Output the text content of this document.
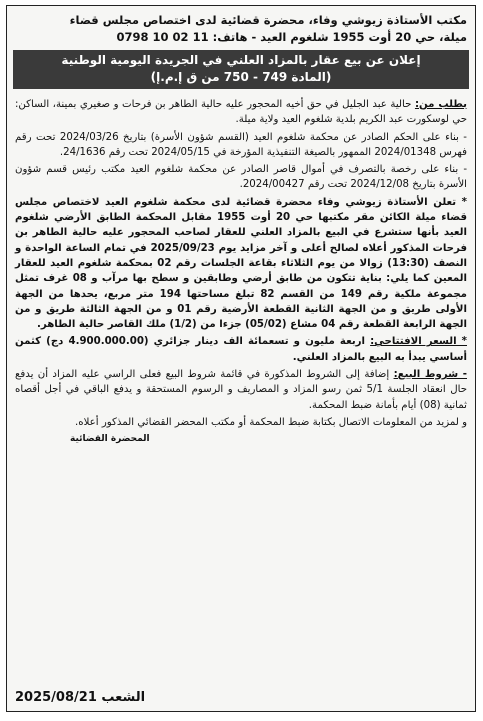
مكتب الأستاذة زيوشي وفاء، محضرة قضائية لدى اختصاص مجلس قضاء
ميلة، حي 20 أوت 1955 شلغوم العيد - هاتف: 11 02 10 0798
إعلان عن بيع عقار بالمزاد العلني في الجريدة اليومية الوطنية
(المادة 749 - 750 من ق إ.م.إ)

بطلب من: حالية عبد الجليل في حق أخيه المحجور عليه حالية الطاهر بن فرحات و صغيري بمينة، الساكن: حي لوسكورت عبد الكريم بلدية شلغوم العيد ولاية ميلة.

- بناء على الحكم الصادر عن محكمة شلغوم العيد (القسم شؤون الأسرة) بتاريخ 2024/03/26 تحت رقم فهرس 2024/01348 الممهور بالصيغة التنفيذية المؤرخة في 2024/05/15 تحت رقم 24/1636.

- بناء على رخصة بالتصرف في أموال قاصر الصادر عن محكمة شلغوم العيد مكتب رئيس قسم شؤون الأسرة بتاريخ 2024/12/08 تحت رقم 2024/00427.

* تعلن الأستاذة زيوشي وفاء محضرة قضائية لدى محكمة شلغوم العيد لاختصاص مجلس قضاء ميلة الكائن مقر مكتبها حي 20 أوت 1955 مقابل المحكمة الطابق الأرضي شلغوم العيد بأنها ستشرع في البيع بالمزاد العلني للعقار لصاحب المحجور عليه حالية الطاهر بن فرحات المذكور أعلاه لصالح أعلى و آخر مزايد يوم 2025/09/23 في تمام الساعة الواحدة و النصف (13:30) زوالا من يوم الثلاثاء بقاعة الجلسات رقم 02 بمحكمة شلغوم العيد للعقار المعين كما يلي: بناية تتكون من طابق أرضي وطابقين و سطح بها مرآب و 08 غرف تمثل مجموعة ملكية رقم 149 من القسم 82 تبلغ مساحتها 194 متر مربع، يحدها من الجهة الأولى طريق و من الجهة الثانية القطعة الأرضية رقم 01 و من الجهة الثالثة طريق و من الجهة الرابعة القطعة رقم 04 مشاع (05/02) جزءا من (1/2) ملك القاصر حالية الطاهر.

* السعر الافتتاحي: اربعة مليون و تسعمائة الف دينار جزائري (4.900.000.00 دج) كثمن أساسي يبدأ به البيع بالمزاد العلني.

- شروط البيع: إضافة إلى الشروط المذكورة في قائمة شروط البيع فعلى الراسي عليه المزاد أن يدفع حال انعقاد الجلسة 5/1 ثمن رسو المزاد و المصاريف و الرسوم المستحقة و يدفع الباقي في أجل أقصاه ثمانية (08) أيام بأمانة ضبط المحكمة.

و لمزيد من المعلومات الاتصال بكتابة ضبط المحكمة أو مكتب المحضر القضائي المذكور أعلاه.

المحضرة القضائية
الشعب 2025/08/21
